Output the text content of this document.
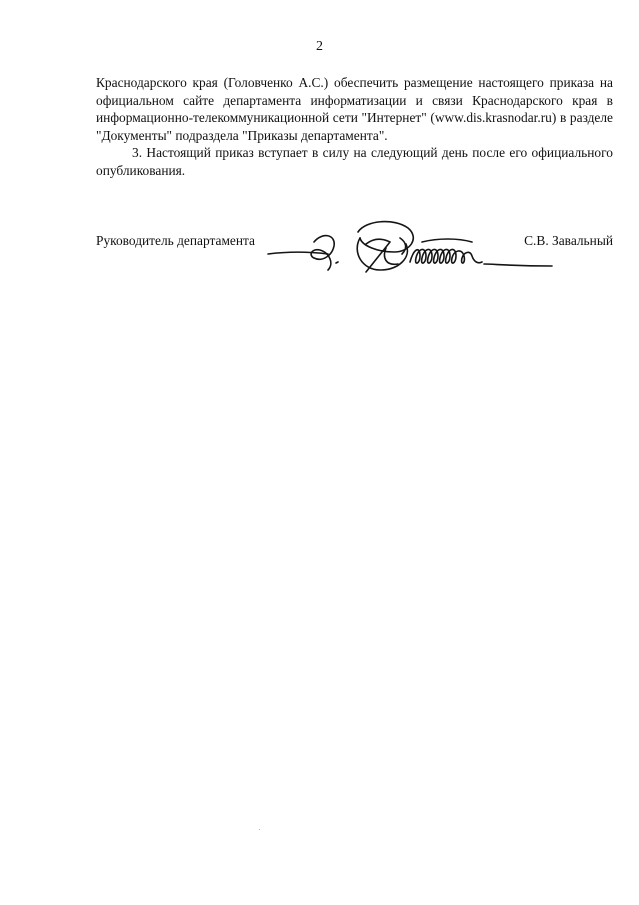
2

Краснодарского края (Головченко А.С.) обеспечить размещение настоящего приказа на официальном сайте департамента информатизации и связи Краснодарского края в информационно-телекоммуникационной сети "Интернет" (www.dis.krasnodar.ru) в разделе "Документы" подраздела "Приказы департамента".

3. Настоящий приказ вступает в силу на следующий день после его официального опубликования.

Руководитель департамента	С.В. Завальный
